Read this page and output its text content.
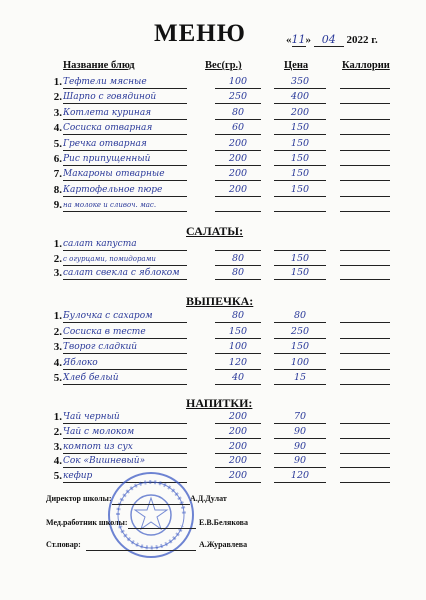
МЕНЮ	«11» 04 2022 г.
Название блюд	Вес(гр.)	Цена	Каллории
1. Тефтели мясные	100	350
2. Шарпо с говядиной	250	400
3. Котлета куриная	80	200
4. Сосиска отварная	60	150
5. Гречка отварная	200	150
6. Рис припущенный	200	150
7. Макароны отварные	200	150
8. Картофельное пюре	200	150
9. на молоке и сливоч. мас.
САЛАТЫ:
1. салат капуста
2. с огурцами, помидорами	80	150
3. салат свекла с яблоком	80	150
ВЫПЕЧКА:
1. Булочка с сахаром	80	80
2. Сосиска в тесте	150	250
3. Творог сладкий	100	150
4. Яблоко	120	100
5. Хлеб белый	40	15
НАПИТКИ:
1. Чай черный	200	70
2. Чай с молоком	200	90
3. компот из сух	200	90
4. Сок «Вишневый»	200	90
5. кефир	200	120
Директор школы:	А.Д.Дулат
Мед.работник школы:	Е.В.Белякова
Ст.повар:	А.Журавлева
